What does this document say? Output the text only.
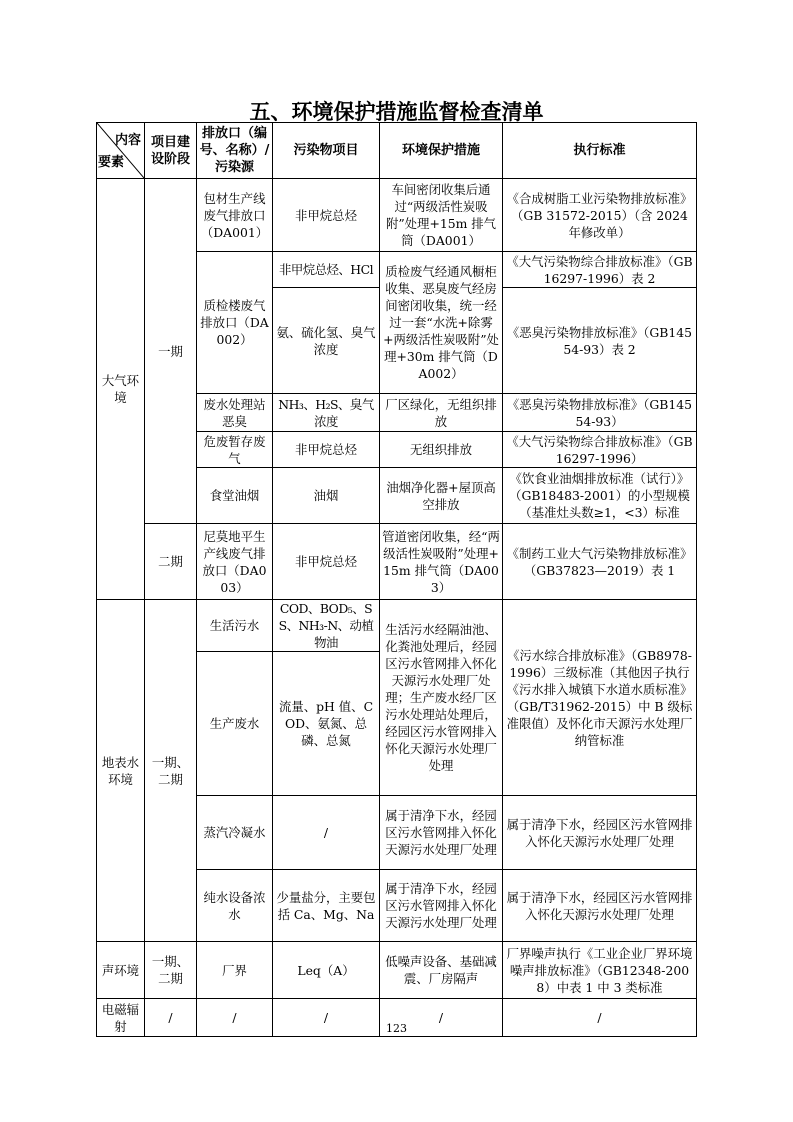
五、环境保护措施监督检查清单
内容
要素	项目建设阶段	排放口（编号、名称）/污染源	污染物项目	环境保护措施	执行标准
大气环境	一期	包材生产线废气排放口（DA001）	非甲烷总烃	车间密闭收集后通过“两级活性炭吸附”处理+15m 排气筒（DA001）	《合成树脂工业污染物排放标准》（GB 31572-2015）（含 2024 年修改单）
		质检楼废气排放口（DA002）	非甲烷总烃、HCl	质检废气经通风橱柜收集、恶臭废气经房间密闭收集，统一经过一套“水洗+除雾+两级活性炭吸附”处理+30m 排气筒（DA002）	《大气污染物综合排放标准》（GB16297-1996）表 2
			氨、硫化氢、臭气浓度		《恶臭污染物排放标准》（GB14554-93）表 2
		废水处理站恶臭	NH₃、H₂S、臭气浓度	厂区绿化，无组织排放	《恶臭污染物排放标准》（GB14554-93）
		危废暂存废气	非甲烷总烃	无组织排放	《大气污染物综合排放标准》（GB16297-1996）
		食堂油烟	油烟	油烟净化器+屋顶高空排放	《饮食业油烟排放标准（试行）》（GB18483-2001）的小型规模（基准灶头数≥1，<3）标准
	二期	尼莫地平生产线废气排放口（DA003）	非甲烷总烃	管道密闭收集，经“两级活性炭吸附”处理+15m 排气筒（DA003）	《制药工业大气污染物排放标准》（GB37823—2019）表 1
地表水环境	一期、二期	生活污水	COD、BOD₅、SS、NH₃-N、动植物油	生活污水经隔油池、化粪池处理后，经园区污水管网排入怀化天源污水处理厂处理；生产废水经厂区污水处理站处理后，经园区污水管网排入怀化天源污水处理厂处理	《污水综合排放标准》（GB8978-1996）三级标准（其他因子执行《污水排入城镇下水道水质标准》（GB/T31962-2015）中 B 级标准限值）及怀化市天源污水处理厂纳管标准
		生产废水	流量、pH 值、COD、氨氮、总磷、总氮		
		蒸汽冷凝水	/	属于清净下水，经园区污水管网排入怀化天源污水处理厂处理	属于清净下水，经园区污水管网排入怀化天源污水处理厂处理
		纯水设备浓水	少量盐分，主要包括 Ca、Mg、Na	属于清净下水，经园区污水管网排入怀化天源污水处理厂处理	属于清净下水，经园区污水管网排入怀化天源污水处理厂处理
声环境	一期、二期	厂界	Leq（A）	低噪声设备、基础减震、厂房隔声	厂界噪声执行《工业企业厂界环境噪声排放标准》（GB12348-2008）中表 1 中 3 类标准
电磁辐射	/	/	/	/	/
123
